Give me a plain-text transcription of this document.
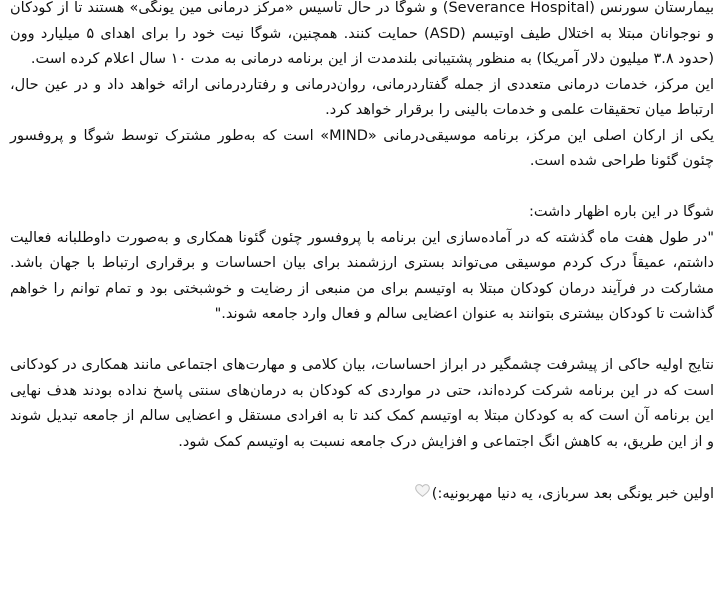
بیمارستان سورنس (Severance Hospital) و شوگا در حال تأسیس «مرکز درمانی مین یونگی» هستند تا از کودکان و نوجوانان مبتلا به اختلال طیف اوتیسم (ASD) حمایت کنند. همچنین، شوگا نیت خود را برای اهدای ۵ میلیارد وون (حدود ۳.۸ میلیون دلار آمریکا) به منظور پشتیبانی بلندمدت از این برنامه درمانی به مدت ۱۰ سال اعلام کرده است.

این مرکز، خدمات درمانی متعددی از جمله گفتاردرمانی، روان‌درمانی و رفتاردرمانی ارائه خواهد داد و در عین حال، ارتباط میان تحقیقات علمی و خدمات بالینی را برقرار خواهد کرد.

یکی از ارکان اصلی این مرکز، برنامه موسیقی‌درمانی «MIND» است که به‌طور مشترک توسط شوگا و پروفسور چئون گئونا طراحی شده است.

شوگا در این باره اظهار داشت:

"در طول هفت ماه گذشته که در آماده‌سازی این برنامه با پروفسور چئون گئونا همکاری و به‌صورت داوطلبانه فعالیت داشتم، عمیقاً درک کردم موسیقی می‌تواند بستری ارزشمند برای بیان احساسات و برقراری ارتباط با جهان باشد. مشارکت در فرآیند درمان کودکان مبتلا به اوتیسم برای من منبعی از رضایت و خوشبختی بود و تمام توانم را خواهم گذاشت تا کودکان بیشتری بتوانند به عنوان اعضایی سالم و فعال وارد جامعه شوند."

نتایج اولیه حاکی از پیشرفت چشمگیر در ابراز احساسات، بیان کلامی و مهارت‌های اجتماعی مانند همکاری در کودکانی است که در این برنامه شرکت کرده‌اند، حتی در مواردی که کودکان به درمان‌های سنتی پاسخ نداده بودند هدف نهایی این برنامه آن است که به کودکان مبتلا به اوتیسم کمک کند تا به افرادی مستقل و اعضایی سالم از جامعه تبدیل شوند و از این طریق، به کاهش انگ اجتماعی و افزایش درک جامعه نسبت به اوتیسم کمک شود.

اولین خبر یونگی بعد سربازی، یه دنیا مهربونیه:)
